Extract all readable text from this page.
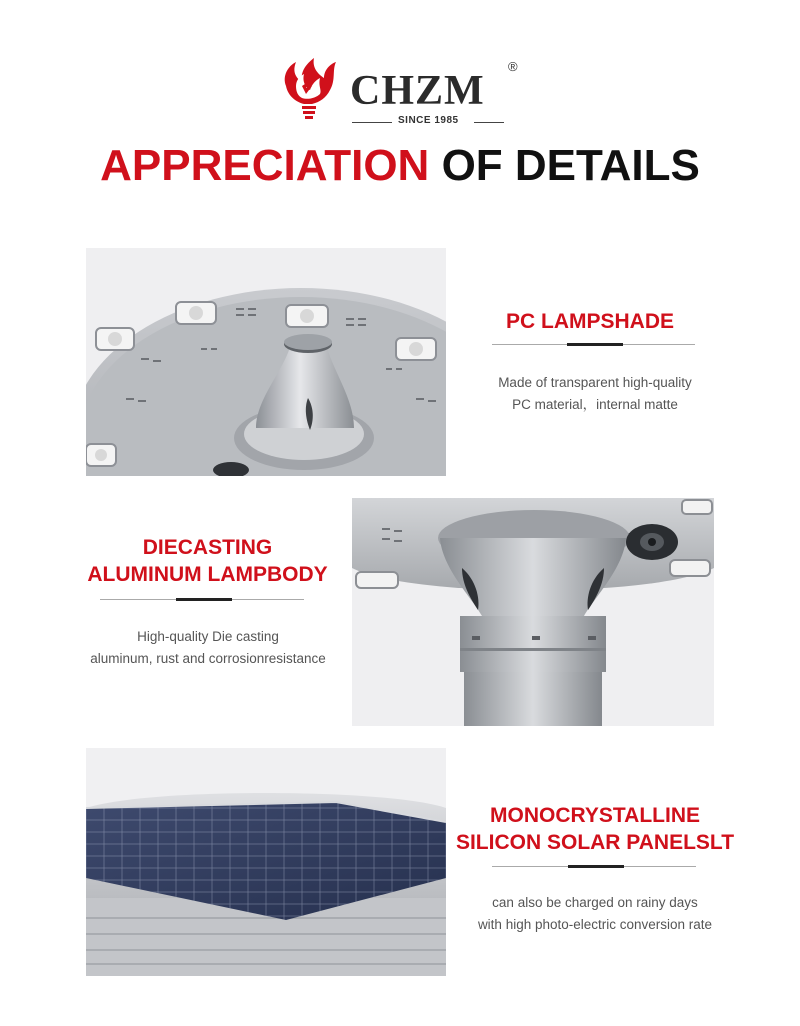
CHZM
®
SINCE 1985
APPRECIATION OF DETAILS
PC LAMPSHADE
Made of transparent high-quality
PC material，internal matte
DIECASTING
ALUMINUM LAMPBODY
High-quality Die casting
aluminum, rust and corrosionresistance
MONOCRYSTALLINE
SILICON SOLAR PANELSLT
can also be charged on rainy days
with high photo-electric conversion rate
